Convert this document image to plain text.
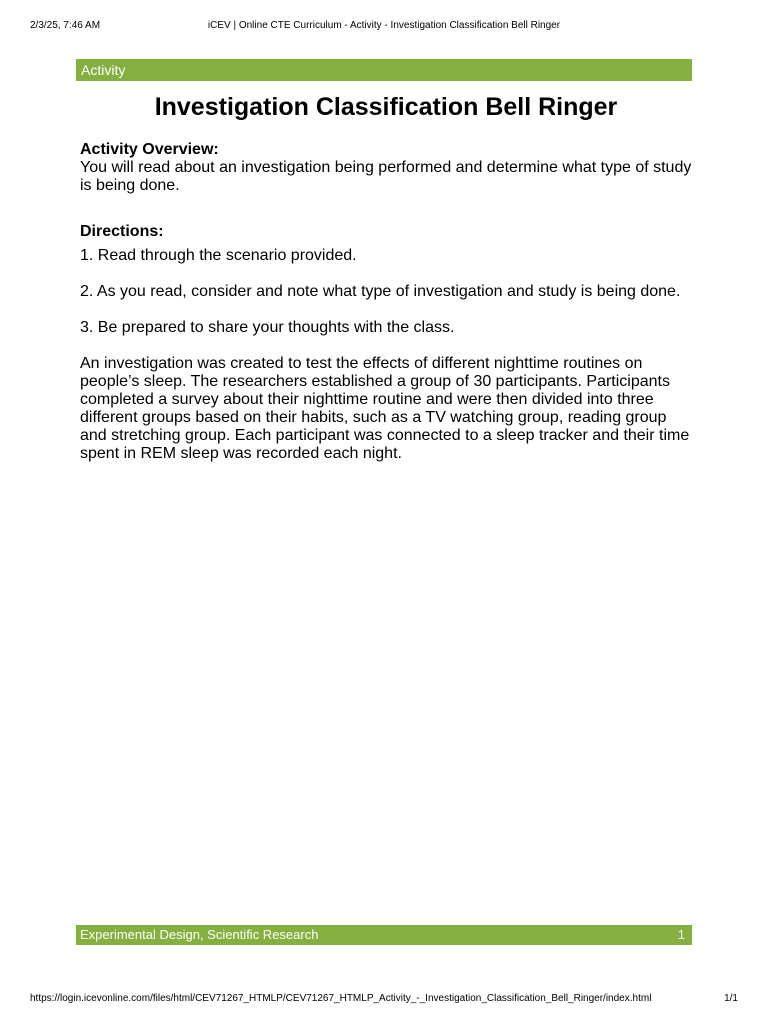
2/3/25, 7:46 AM	iCEV | Online CTE Curriculum - Activity - Investigation Classification Bell Ringer
Activity
Investigation Classification Bell Ringer
Activity Overview:

You will read about an investigation being performed and determine what type of study is being done.

Directions:
1. Read through the scenario provided.
2. As you read, consider and note what type of investigation and study is being done.
3. Be prepared to share your thoughts with the class.

An investigation was created to test the effects of different nighttime routines on people’s sleep. The researchers established a group of 30 participants. Participants completed a survey about their nighttime routine and were then divided into three different groups based on their habits, such as a TV watching group, reading group and stretching group. Each participant was connected to a sleep tracker and their time spent in REM sleep was recorded each night.

Experimental Design, Scientific Research	1
https://login.icevonline.com/files/html/CEV71267_HTMLP/CEV71267_HTMLP_Activity_-_Investigation_Classification_Bell_Ringer/index.html	1/1
